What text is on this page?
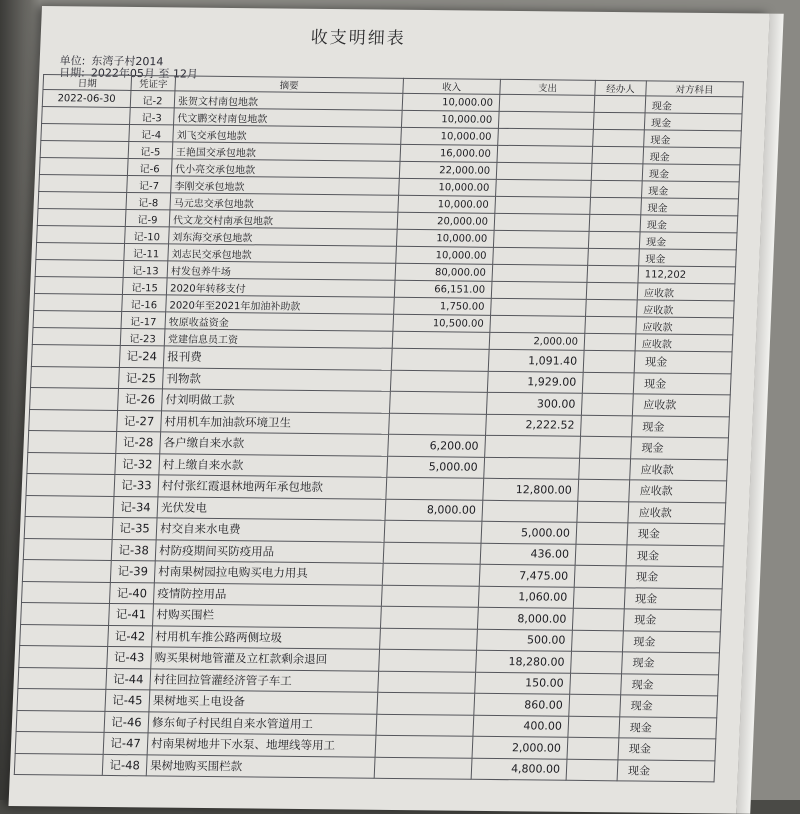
收支明细表
单位: 东湾子村2014
日期: 2022年05月 至 12月
日期	凭证字	摘要	收入	支出	经办人	对方科目
2022-06-30	记-2	张贺文村南包地款	10,000.00			现金
	记-3	代文鹏交村南包地款	10,000.00			现金
	记-4	刘飞交承包地款	10,000.00			现金
	记-5	王艳国交承包地款	16,000.00			现金
	记-6	代小亮交承包地款	22,000.00			现金
	记-7	李刚交承包地款	10,000.00			现金
	记-8	马元忠交承包地款	10,000.00			现金
	记-9	代文龙交村南承包地款	20,000.00			现金
	记-10	刘东海交承包地款	10,000.00			现金
	记-11	刘志民交承包地款	10,000.00			现金
	记-13	村发包养牛场	80,000.00			112,202
	记-15	2020年转移支付	66,151.00			应收款
	记-16	2020年至2021年加油补助款	1,750.00			应收款
	记-17	牧原收益资金	10,500.00			应收款
	记-23	党建信息员工资		2,000.00		应收款
	记-24	报刊费		1,091.40		现金
	记-25	刊物款		1,929.00		现金
	记-26	付刘明做工款		300.00		应收款
	记-27	村用机车加油款环境卫生		2,222.52		现金
	记-28	各户缴自来水款	6,200.00			现金
	记-32	村上缴自来水款	5,000.00			应收款
	记-33	村付张红霞退林地两年承包地款		12,800.00		应收款
	记-34	光伏发电	8,000.00			应收款
	记-35	村交自来水电费		5,000.00		现金
	记-38	村防疫期间买防疫用品		436.00		现金
	记-39	村南果树园拉电购买电力用具		7,475.00		现金
	记-40	疫情防控用品		1,060.00		现金
	记-41	村购买围栏		8,000.00		现金
	记-42	村用机车推公路两侧垃圾		500.00		现金
	记-43	购买果树地管灌及立杠款剩余退回		18,280.00		现金
	记-44	村往回拉管灌经济管子车工		150.00		现金
	记-45	果树地买上电设备		860.00		现金
	记-46	修东甸子村民组自来水管道用工		400.00		现金
	记-47	村南果树地井下水泵、地埋线等用工		2,000.00		现金
	记-48	果树地购买围栏款		4,800.00		现金
